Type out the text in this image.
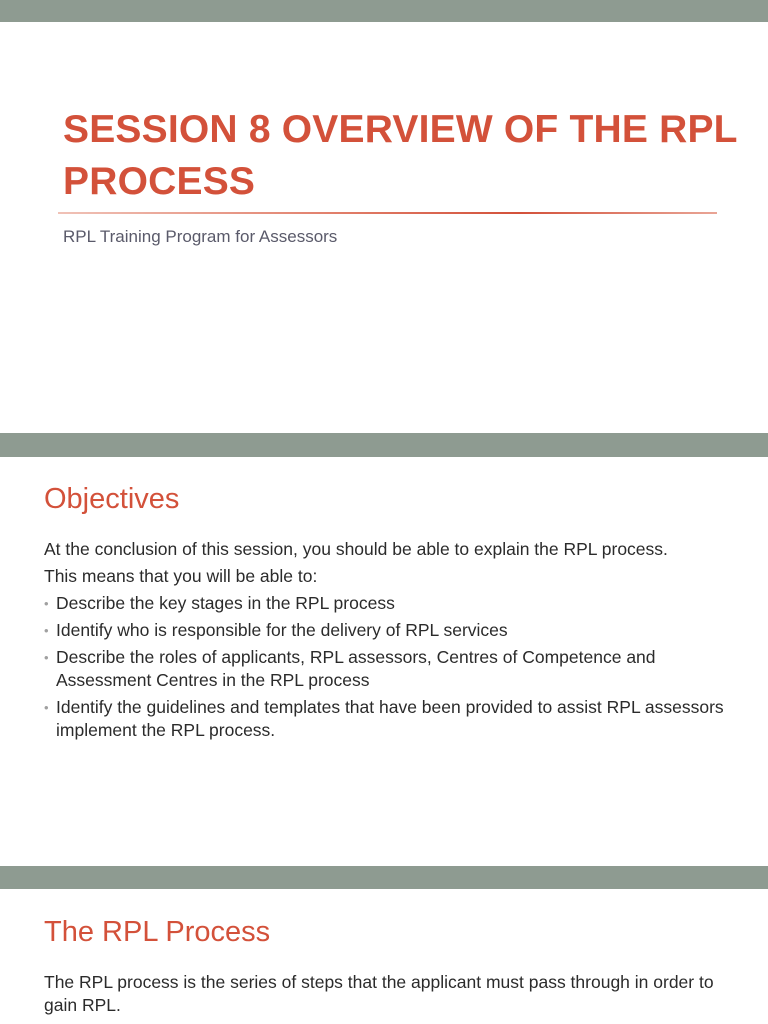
SESSION 8 OVERVIEW OF THE RPL PROCESS
RPL Training Program for Assessors
Objectives

At the conclusion of this session, you should be able to explain the RPL process.

This means that you will be able to:

• Describe the key stages in the RPL process
• Identify who is responsible for the delivery of RPL services
• Describe the roles of applicants, RPL assessors, Centres of Competence and Assessment Centres in the RPL process
• Identify the guidelines and templates that have been provided to assist RPL assessors implement the RPL process.
The RPL Process

The RPL process is the series of steps that the applicant must pass through in order to gain RPL.
